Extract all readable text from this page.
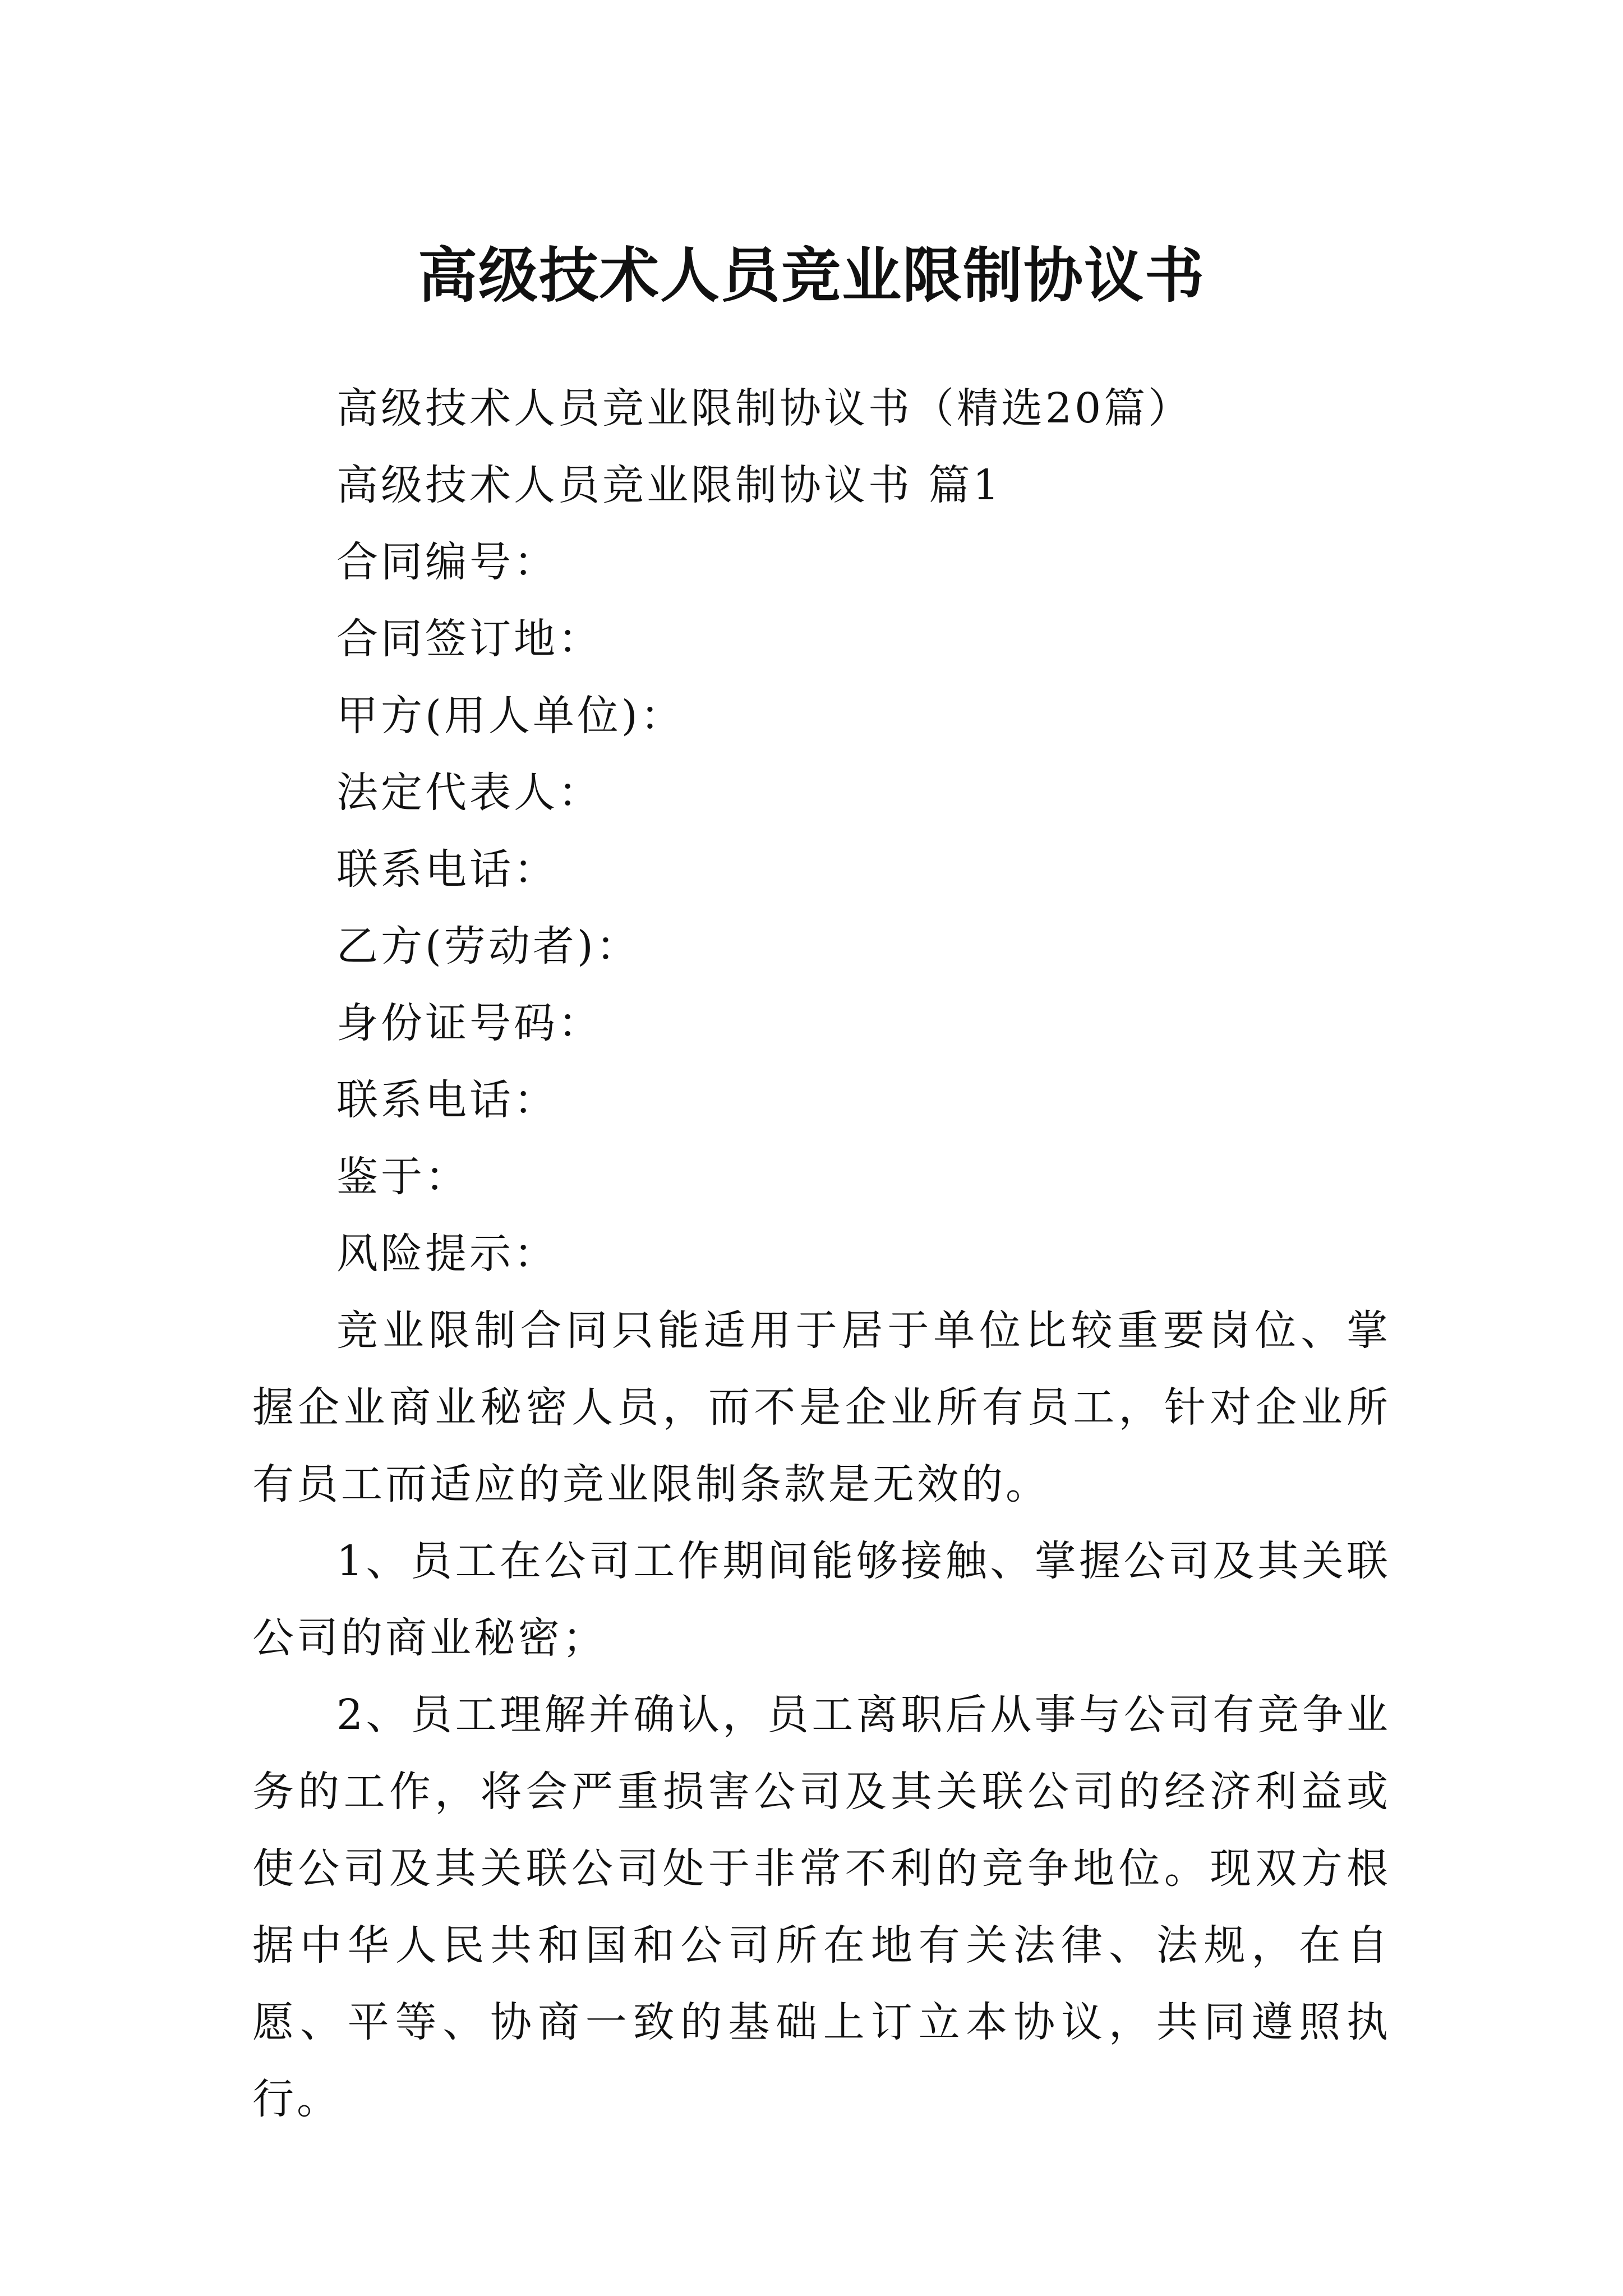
高级技术人员竞业限制协议书

高级技术人员竞业限制协议书（精选20篇）

高级技术人员竞业限制协议书 篇1

合同编号：

合同签订地：

甲方(用人单位)：

法定代表人：

联系电话：

乙方(劳动者)：

身份证号码：

联系电话：

鉴于：

风险提示：

竞业限制合同只能适用于居于单位比较重要岗位、掌握企业商业秘密人员，而不是企业所有员工，针对企业所有员工而适应的竞业限制条款是无效的。

1、员工在公司工作期间能够接触、掌握公司及其关联公司的商业秘密；

2、员工理解并确认，员工离职后从事与公司有竞争业务的工作，将会严重损害公司及其关联公司的经济利益或使公司及其关联公司处于非常不利的竞争地位。现双方根据中华人民共和国和公司所在地有关法律、法规，在自愿、平等、协商一致的基础上订立本协议，共同遵照执行。
